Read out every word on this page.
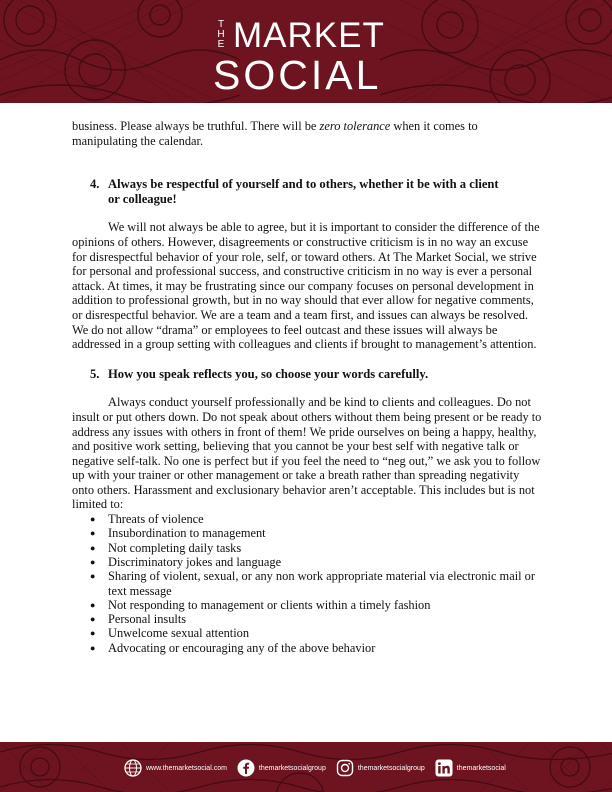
T
H
E MARKET
SOCIAL

business. Please always be truthful. There will be zero tolerance when it comes to manipulating the calendar.

4. Always be respectful of yourself and to others, whether it be with a client or colleague!

We will not always be able to agree, but it is important to consider the difference of the opinions of others. However, disagreements or constructive criticism is in no way an excuse for disrespectful behavior of your role, self, or toward others. At The Market Social, we strive for personal and professional success, and constructive criticism in no way is ever a personal attack. At times, it may be frustrating since our company focuses on personal development in addition to professional growth, but in no way should that ever allow for negative comments, or disrespectful behavior. We are a team and a team first, and issues can always be resolved. We do not allow “drama” or employees to feel outcast and these issues will always be addressed in a group setting with colleagues and clients if brought to management’s attention.

5. How you speak reflects you, so choose your words carefully.

Always conduct yourself professionally and be kind to clients and colleagues. Do not insult or put others down. Do not speak about others without them being present or be ready to address any issues with others in front of them! We pride ourselves on being a happy, healthy, and positive work setting, believing that you cannot be your best self with negative talk or negative self-talk. No one is perfect but if you feel the need to “neg out,” we ask you to follow up with your trainer or other management or take a breath rather than spreading negativity onto others. Harassment and exclusionary behavior aren’t acceptable. This includes but is not limited to:

● Threats of violence
● Insubordination to management
● Not completing daily tasks
● Discriminatory jokes and language
● Sharing of violent, sexual, or any non work appropriate material via electronic mail or text message
● Not responding to management or clients within a timely fashion
● Personal insults
● Unwelcome sexual attention
● Advocating or encouraging any of the above behavior
www.themarketsocial.com	themarketsocialgroup	themarketsocialgroup	themarketsocial
